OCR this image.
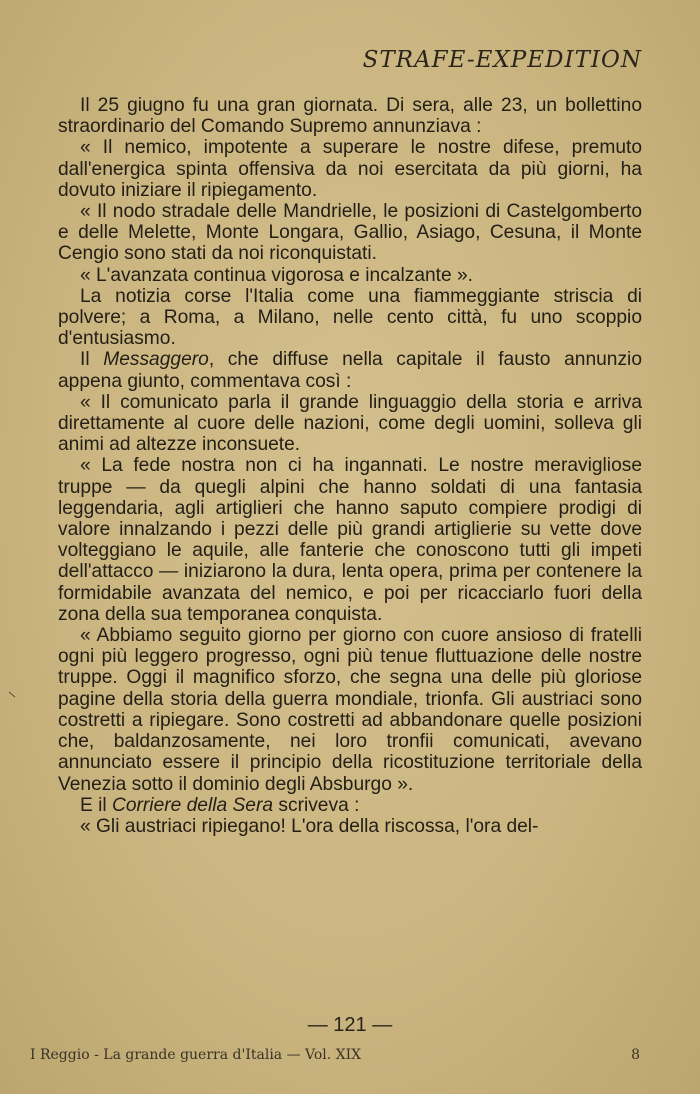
STRAFE-EXPEDITION

Il 25 giugno fu una gran giornata. Di sera, alle 23, un bollettino straordinario del Comando Supremo annunziava :

« Il nemico, impotente a superare le nostre difese, premuto dall'energica spinta offensiva da noi esercitata da più giorni, ha dovuto iniziare il ripiegamento.

« Il nodo stradale delle Mandrielle, le posizioni di Castelgomberto e delle Melette, Monte Longara, Gallio, Asiago, Cesuna, il Monte Cengio sono stati da noi riconquistati.

« L'avanzata continua vigorosa e incalzante ».

La notizia corse l'Italia come una fiammeggiante striscia di polvere; a Roma, a Milano, nelle cento città, fu uno scoppio d'entusiasmo.

Il Messaggero, che diffuse nella capitale il fausto annunzio appena giunto, commentava così :

« Il comunicato parla il grande linguaggio della storia e arriva direttamente al cuore delle nazioni, come degli uomini, solleva gli animi ad altezze inconsuete.

« La fede nostra non ci ha ingannati. Le nostre meravigliose truppe — da quegli alpini che hanno soldati di una fantasia leggendaria, agli artiglieri che hanno saputo compiere prodigi di valore innalzando i pezzi delle più grandi artiglierie su vette dove volteggiano le aquile, alle fanterie che conoscono tutti gli impeti dell'attacco — iniziarono la dura, lenta opera, prima per contenere la formidabile avanzata del nemico, e poi per ricacciarlo fuori della zona della sua temporanea conquista.

« Abbiamo seguito giorno per giorno con cuore ansioso di fratelli ogni più leggero progresso, ogni più tenue fluttuazione delle nostre truppe. Oggi il magnifico sforzo, che segna una delle più gloriose pagine della storia della guerra mondiale, trionfa. Gli austriaci sono costretti a ripiegare. Sono costretti ad abbandonare quelle posizioni che, baldanzosamente, nei loro tronfii comunicati, avevano annunciato essere il principio della ricostituzione territoriale della Venezia sotto il dominio degli Absburgo ».

E il Corriere della Sera scriveva :

« Gli austriaci ripiegano! L'ora della riscossa, l'ora del-

— 121 —
I Reggio - La grande guerra d'Italia — Vol. XIX	8
